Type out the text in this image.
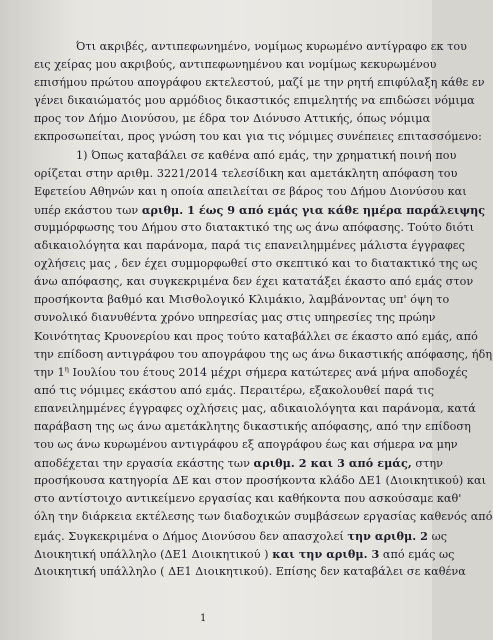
Ότι ακριβές, αντιπεφωνημένο, νομίμως κυρωμένο αντίγραφο εκ του
εις χείρας μου ακριβούς, αντιπεφωνημένου και νομίμως κεκυρωμένου
επισήμου πρώτου απογράφου εκτελεστού, μαζί με την ρητή επιφύλαξη κάθε εν
γένει δικαιώματός μου αρμόδιος δικαστικός επιμελητής να επιδώσει νόμιμα
προς τον Δήμο Διονύσου, με έδρα τον Διόνυσο Αττικής, όπως νόμιμα
εκπροσωπείται, προς γνώση του και για τις νόμιμες συνέπειες επιτασσόμενο:
1) Όπως καταβάλει σε καθένα από εμάς, την χρηματική ποινή που
ορίζεται στην αριθμ. 3221/2014 τελεσίδικη και αμετάκλητη απόφαση του
Εφετείου Αθηνών και η οποία απειλείται σε βάρος του Δήμου Διονύσου και
υπέρ εκάστου των αριθμ. 1 έως 9 από εμάς για κάθε ημέρα παράλειψης
συμμόρφωσης του Δήμου στο διατακτικό της ως άνω απόφασης. Τούτο διότι
αδικαιολόγητα και παράνομα, παρά τις επανειλημμένες μάλιστα έγγραφες
οχλήσεις μας , δεν έχει συμμορφωθεί στο σκεπτικό και το διατακτικό της ως
άνω απόφασης, και συγκεκριμένα δεν έχει κατατάξει έκαστο από εμάς στον
προσήκοντα βαθμό και Μισθολογικό Κλιμάκιο, λαμβάνοντας υπ' όψη το
συνολικό διανυθέντα χρόνο υπηρεσίας μας στις υπηρεσίες της πρώην
Κοινότητας Κρυονερίου και προς τούτο καταβάλλει σε έκαστο από εμάς, από
την επίδοση αντιγράφου του απογράφου της ως άνω δικαστικής απόφασης, ήδη
την $1^\eta$ Ιουλίου του έτους 2014 μέχρι σήμερα κατώτερες ανά μήνα αποδοχές
από τις νόμιμες εκάστου από εμάς. Περαιτέρω, εξακολουθεί παρά τις
επανειλημμένες έγγραφες οχλήσεις μας, αδικαιολόγητα και παράνομα, κατά
παράβαση της ως άνω αμετάκλητης δικαστικής απόφασης, από την επίδοση
του ως άνω κυρωμένου αντιγράφου εξ απογράφου έως και σήμερα να μην
αποδέχεται την εργασία εκάστης των αριθμ. 2 και 3 από εμάς, στην
προσήκουσα κατηγορία ΔΕ και στον προσήκοντα κλάδο ΔΕ1 (Διοικητικού) και
στο αντίστοιχο αντικείμενο εργασίας και καθήκοντα που ασκούσαμε καθ'
όλη την διάρκεια εκτέλεσης των διαδοχικών συμβάσεων εργασίας καθενός από
εμάς. Συγκεκριμένα ο Δήμος Διονύσου δεν απασχολεί την αριθμ. 2 ως
Διοικητική υπάλληλο (ΔΕ1 Διοικητικού ) και την αριθμ. 3 από εμάς ως
Διοικητική υπάλληλο ( ΔΕ1 Διοικητικού). Επίσης δεν καταβάλει σε καθένα
1
